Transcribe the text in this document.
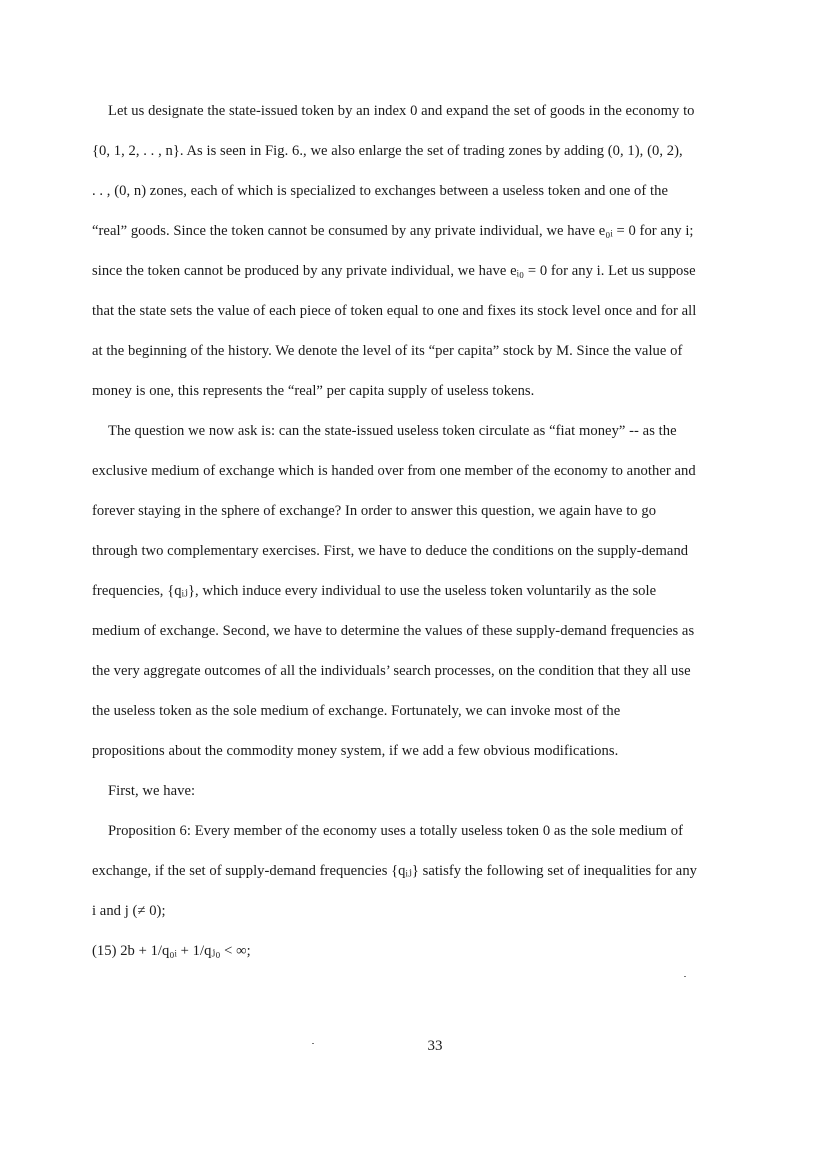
Let us designate the state-issued token by an index 0 and expand the set of goods in the economy to
{0, 1, 2, . . , n}. As is seen in Fig. 6., we also enlarge the set of trading zones by adding (0, 1), (0, 2),
. . , (0, n) zones, each of which is specialized to exchanges between a useless token and one of the
“real” goods. Since the token cannot be consumed by any private individual, we have e₀ᵢ = 0 for any i;
since the token cannot be produced by any private individual, we have eᵢ₀ = 0 for any i. Let us suppose
that the state sets the value of each piece of token equal to one and fixes its stock level once and for all
at the beginning of the history. We denote the level of its “per capita” stock by M. Since the value of
money is one, this represents the “real” per capita supply of useless tokens.
The question we now ask is: can the state-issued useless token circulate as “fiat money” -- as the
exclusive medium of exchange which is handed over from one member of the economy to another and
forever staying in the sphere of exchange? In order to answer this question, we again have to go
through two complementary exercises. First, we have to deduce the conditions on the supply-demand
frequencies, {qᵢⱼ}, which induce every individual to use the useless token voluntarily as the sole
medium of exchange. Second, we have to determine the values of these supply-demand frequencies as
the very aggregate outcomes of all the individuals’ search processes, on the condition that they all use
the useless token as the sole medium of exchange. Fortunately, we can invoke most of the
propositions about the commodity money system, if we add a few obvious modifications.
First, we have:
Proposition 6: Every member of the economy uses a totally useless token 0 as the sole medium of
exchange, if the set of supply-demand frequencies {qᵢⱼ} satisfy the following set of inequalities for any
i and j (≠ 0);
(15) 2b + 1/q₀ᵢ + 1/qⱼ₀ < ∞;
33
